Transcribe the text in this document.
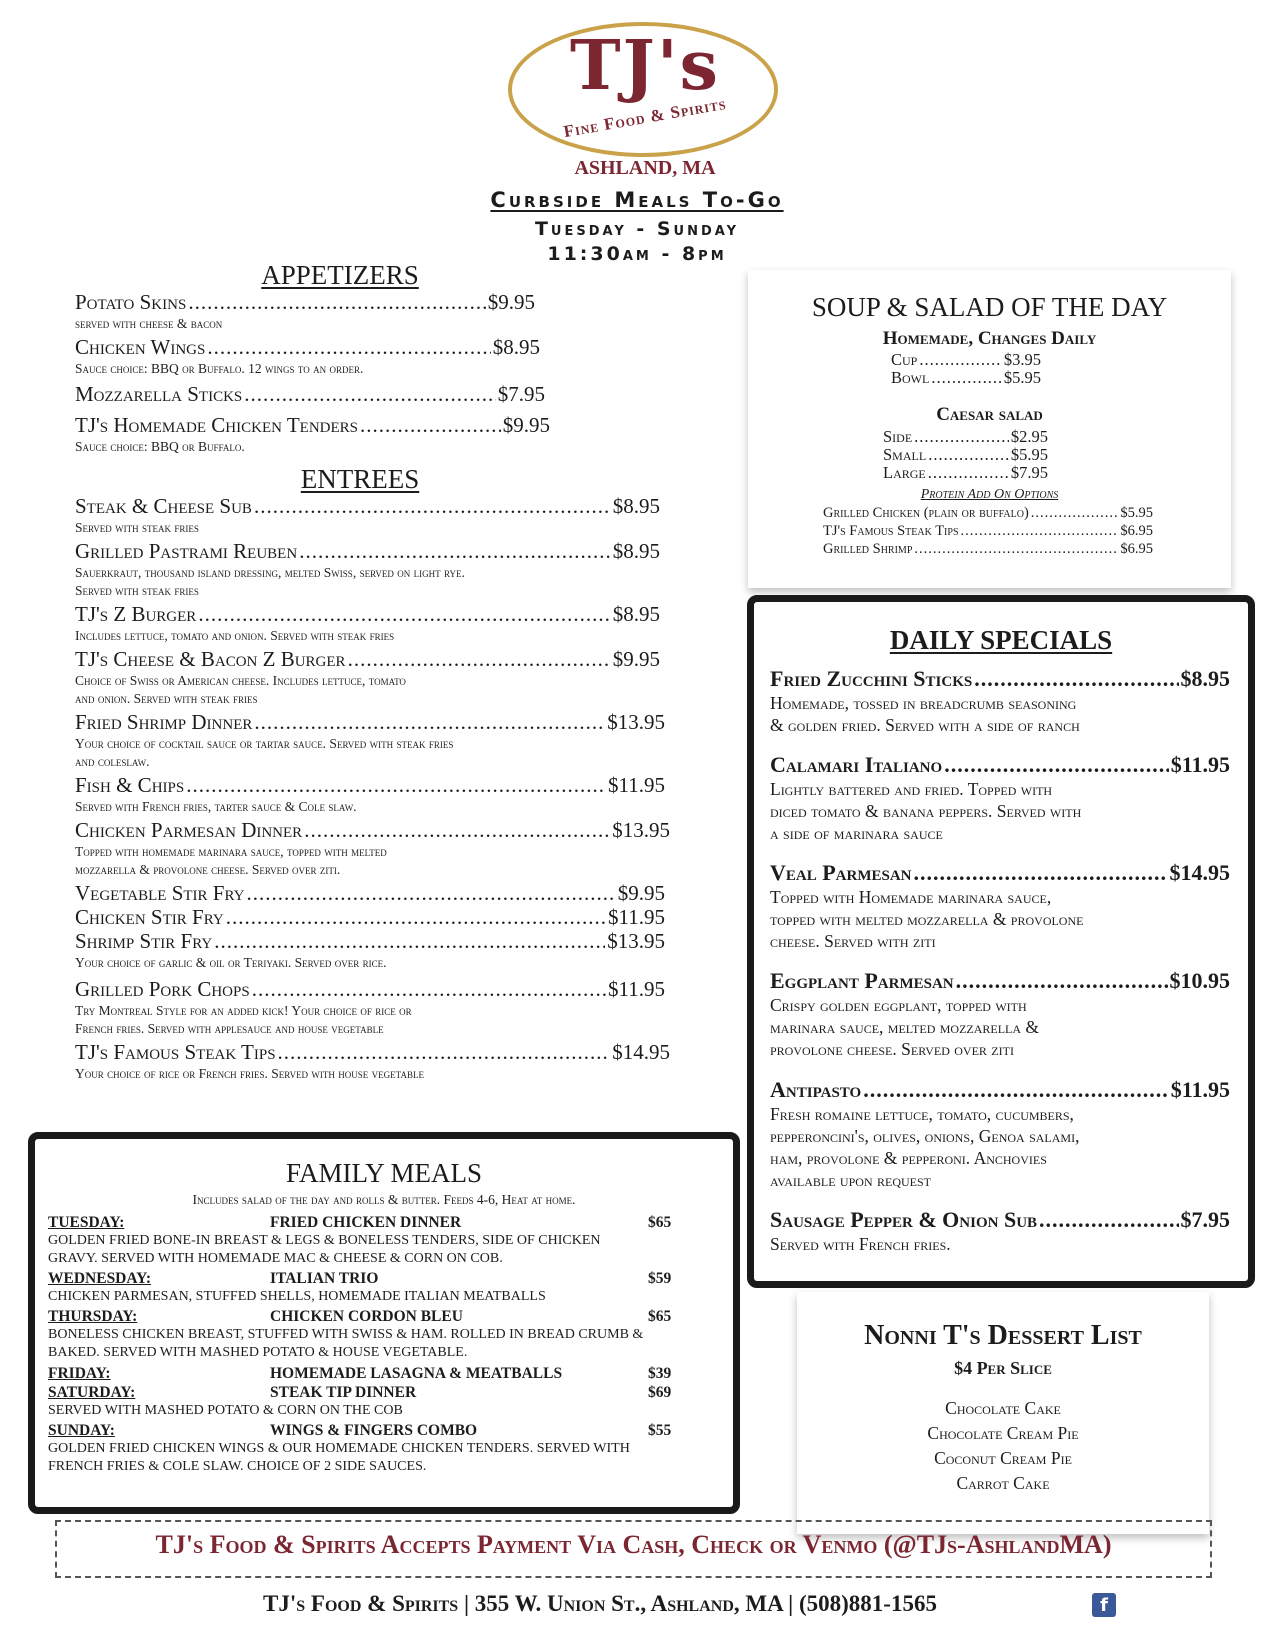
TJ's
Fine Food & Spirits
ASHLAND, MA
Curbside Meals To-Go
Tuesday - Sunday
11:30am - 8pm
APPETIZERS
Potato Skins .....	$9.95
served with cheese & bacon
Chicken Wings .....	$8.95
Sauce choice: BBQ or Buffalo. 12 wings to an order.
Mozzarella Sticks .....	$7.95
TJ's Homemade Chicken Tenders .....	$9.95
Sauce choice: BBQ or Buffalo.
ENTREES
Steak & Cheese Sub .....	$8.95
Served with steak fries
Grilled Pastrami Reuben .....	$8.95
Sauerkraut, thousand island dressing, melted Swiss, served on light rye.
Served with steak fries
TJ's Z Burger .....	$8.95
Includes lettuce, tomato and onion. Served with steak fries
TJ's Cheese & Bacon Z Burger .....	$9.95
Choice of Swiss or American cheese. Includes lettuce, tomato
and onion. Served with steak fries
Fried Shrimp Dinner .....	$13.95
Your choice of cocktail sauce or tartar sauce. Served with steak fries
and coleslaw.
Fish & Chips .....	$11.95
Served with French fries, tarter sauce & Cole slaw.
Chicken Parmesan Dinner .....	$13.95
Topped with homemade marinara sauce, topped with melted
mozzarella & provolone cheese. Served over ziti.
Vegetable Stir Fry .....	$9.95
Chicken Stir Fry .....	$11.95
Shrimp Stir Fry .....	$13.95
Your choice of garlic & oil or Teriyaki. Served over rice.
Grilled Pork Chops .....	$11.95
Try Montreal Style for an added kick! Your choice of rice or
French fries. Served with applesauce and house vegetable
TJ's Famous Steak Tips .....	$14.95
Your choice of rice or French fries. Served with house vegetable
SOUP & SALAD OF THE DAY
Homemade, Changes Daily
Cup .....	$3.95
Bowl .....	$5.95
Caesar salad
Side .....	$2.95
Small .....	$5.95
Large .....	$7.95
Protein Add On Options
Grilled Chicken (plain or buffalo) .....	$5.95
TJ's Famous Steak Tips .....	$6.95
Grilled Shrimp .....	$6.95
DAILY SPECIALS
Fried Zucchini Sticks .....	$8.95
Homemade, tossed in breadcrumb seasoning
& golden fried. Served with a side of ranch
Calamari Italiano .....	$11.95
Lightly battered and fried. Topped with
diced tomato & banana peppers. Served with
a side of marinara sauce
Veal Parmesan .....	$14.95
Topped with Homemade marinara sauce,
topped with melted mozzarella & provolone
cheese. Served with ziti
Eggplant Parmesan .....	$10.95
Crispy golden eggplant, topped with
marinara sauce, melted mozzarella &
provolone cheese. Served over ziti
Antipasto .....	$11.95
Fresh romaine lettuce, tomato, cucumbers,
pepperoncini's, olives, onions, Genoa salami,
ham, provolone & pepperoni. Anchovies
available upon request
Sausage Pepper & Onion Sub .....	$7.95
Served with French fries.
FAMILY MEALS
Includes salad of the day and rolls & butter. Feeds 4-6, Heat at home.
TUESDAY:	FRIED CHICKEN DINNER	$65
GOLDEN FRIED BONE-IN BREAST & LEGS & BONELESS TENDERS, SIDE OF CHICKEN
GRAVY. SERVED WITH HOMEMADE MAC & CHEESE & CORN ON COB.
WEDNESDAY:	ITALIAN TRIO	$59
CHICKEN PARMESAN, STUFFED SHELLS, HOMEMADE ITALIAN MEATBALLS
THURSDAY:	CHICKEN CORDON BLEU	$65
BONELESS CHICKEN BREAST, STUFFED WITH SWISS & HAM. ROLLED IN BREAD CRUMB &
BAKED. SERVED WITH MASHED POTATO & HOUSE VEGETABLE.
FRIDAY:	HOMEMADE LASAGNA & MEATBALLS	$39
SATURDAY:	STEAK TIP DINNER	$69
SERVED WITH MASHED POTATO & CORN ON THE COB
SUNDAY:	WINGS & FINGERS COMBO	$55
GOLDEN FRIED CHICKEN WINGS & OUR HOMEMADE CHICKEN TENDERS. SERVED WITH
FRENCH FRIES & COLE SLAW. CHOICE OF 2 SIDE SAUCES.
Nonni T's Dessert List
$4 Per Slice
Chocolate Cake
Chocolate Cream Pie
Coconut Cream Pie
Carrot Cake
TJ's Food & Spirits Accepts Payment Via Cash, Check or Venmo (@TJs-AshlandMA)
TJ's Food & Spirits | 355 W. Union St., Ashland, MA | (508)881-1565	f
